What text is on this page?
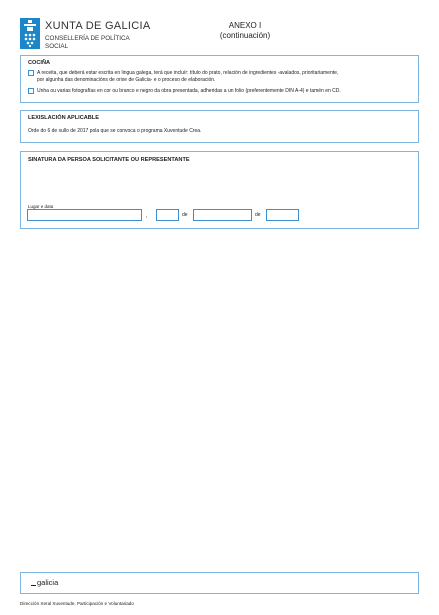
XUNTA DE GALICIA
CONSELLERÍA DE POLÍTICA
SOCIAL
ANEXO I
(continuación)
COCIÑA
A receita, que deberá estar escrita en lingua galega, terá que incluír: título do prato, relación de ingredientes -avalados, prioritariamente,
por algunha das denominacións de orixe de Galicia- e o proceso de elaboración.
Unha ou varias fotografías en cor ou branco e negro da obra presentada, adheridas a un folio (preferentemente DIN A-4) e tamén en CD.
LEXISLACIÓN APLICABLE
Orde do 6 de xullo de 2017 pola que se convoca o programa Xuventude Crea.
SINATURA DA PERSOA SOLICITANTE OU REPRESENTANTE
Lugar e data
,	de	de
galicia
Dirección Xeral Xuventude, Participación e Voluntariado
